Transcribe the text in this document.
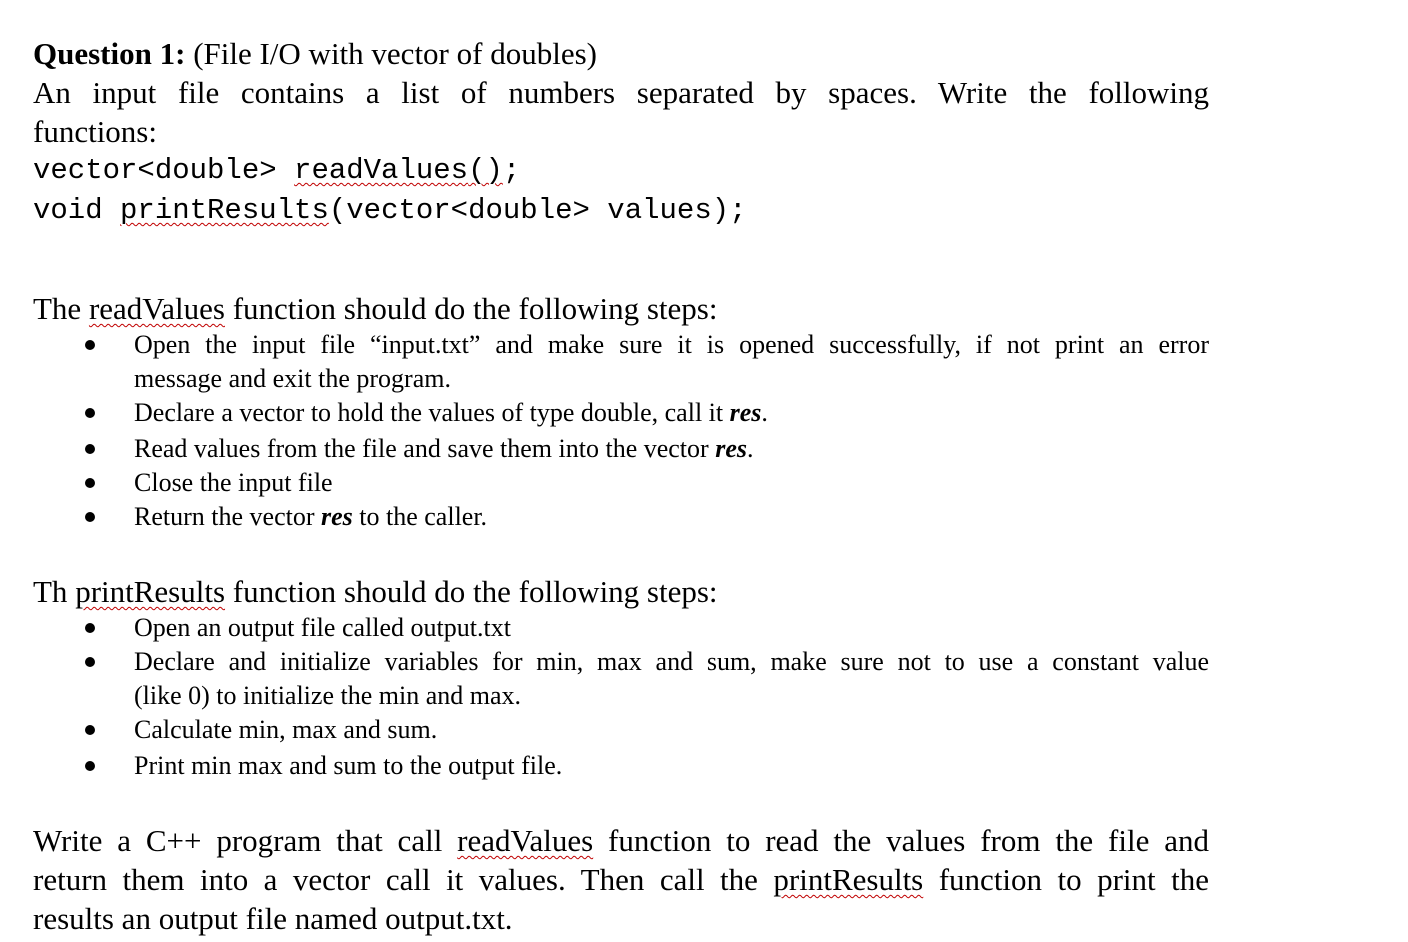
Question 1: (File I/O with vector of doubles)
An input file contains a list of numbers separated by spaces. Write the following
functions:
vector<double> readValues();
void printResults(vector<double> values);
The readValues function should do the following steps:
Open the input file “input.txt” and make sure it is opened successfully, if not print an error
message and exit the program.
Declare a vector to hold the values of type double, call it res.
Read values from the file and save them into the vector res.
Close the input file
Return the vector res to the caller.
Th printResults function should do the following steps:
Open an output file called output.txt
Declare and initialize variables for min, max and sum, make sure not to use a constant value
(like 0) to initialize the min and max.
Calculate min, max and sum.
Print min max and sum to the output file.
Write a C++ program that call readValues function to read the values from the file and
return them into a vector call it values. Then call the printResults function to print the
results an output file named output.txt.
